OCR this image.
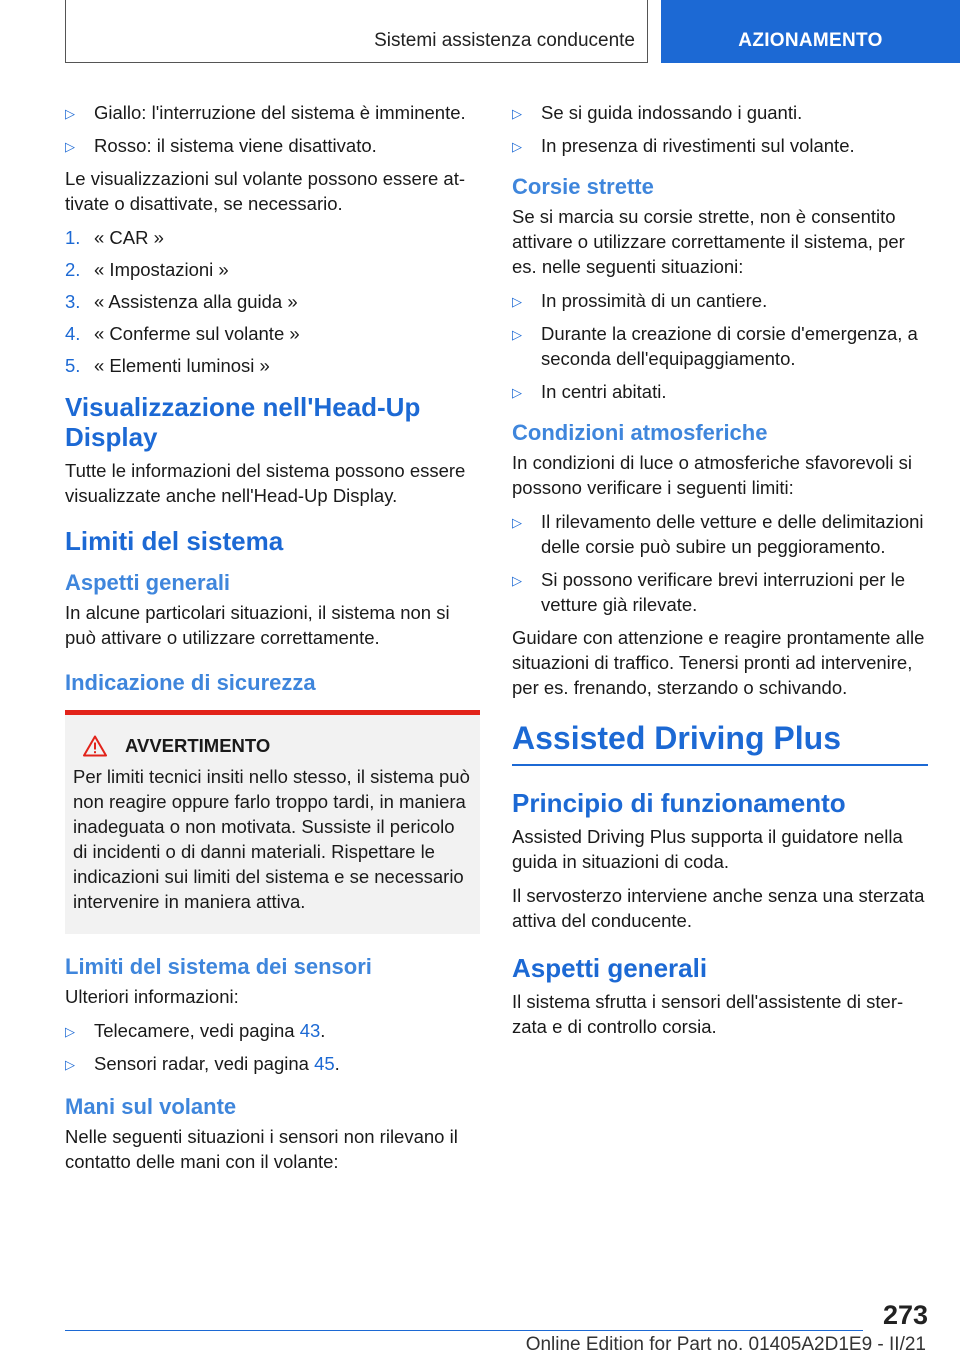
Sistemi assistenza conducente	AZIONAMENTO
▷ Giallo: l'interruzione del sistema è imminente.
▷ Rosso: il sistema viene disattivato.

Le visualizzazioni sul volante possono essere attivate o disattivate, se necessario.

1. « CAR »
2. « Impostazioni »
3. « Assistenza alla guida »
4. « Conferme sul volante »
5. « Elementi luminosi »
Visualizzazione nell'Head-Up Display

Tutte le informazioni del sistema possono essere visualizzate anche nell'Head-Up Display.

Limiti del sistema
Aspetti generali

In alcune particolari situazioni, il sistema non si può attivare o utilizzare correttamente.

Indicazione di sicurezza
AVVERTIMENTO

Per limiti tecnici insiti nello stesso, il sistema può non reagire oppure farlo troppo tardi, in maniera inadeguata o non motivata. Sussiste il pericolo di incidenti o di danni materiali. Rispettare le indicazioni sui limiti del sistema e se necessario intervenire in maniera attiva.

Limiti del sistema dei sensori

Ulteriori informazioni:

▷ Telecamere, vedi pagina 43.
▷ Sensori radar, vedi pagina 45.
Mani sul volante

Nelle seguenti situazioni i sensori non rilevano il contatto delle mani con il volante:

▷ Se si guida indossando i guanti.
▷ In presenza di rivestimenti sul volante.
Corsie strette

Se si marcia su corsie strette, non è consentito attivare o utilizzare correttamente il sistema, per es. nelle seguenti situazioni:

▷ In prossimità di un cantiere.
▷ Durante la creazione di corsie d'emergenza, a seconda dell'equipaggiamento.
▷ In centri abitati.
Condizioni atmosferiche

In condizioni di luce o atmosferiche sfavorevoli si possono verificare i seguenti limiti:

▷ Il rilevamento delle vetture e delle delimitazioni delle corsie può subire un peggioramento.
▷ Si possono verificare brevi interruzioni per le vetture già rilevate.

Guidare con attenzione e reagire prontamente alle situazioni di traffico. Tenersi pronti ad intervenire, per es. frenando, sterzando o schivando.

Assisted Driving Plus
Principio di funzionamento

Assisted Driving Plus supporta il guidatore nella guida in situazioni di coda.

Il servosterzo interviene anche senza una sterzata attiva del conducente.

Aspetti generali

Il sistema sfrutta i sensori dell'assistente di sterzata e di controllo corsia.

273
Online Edition for Part no. 01405A2D1E9 - II/21
